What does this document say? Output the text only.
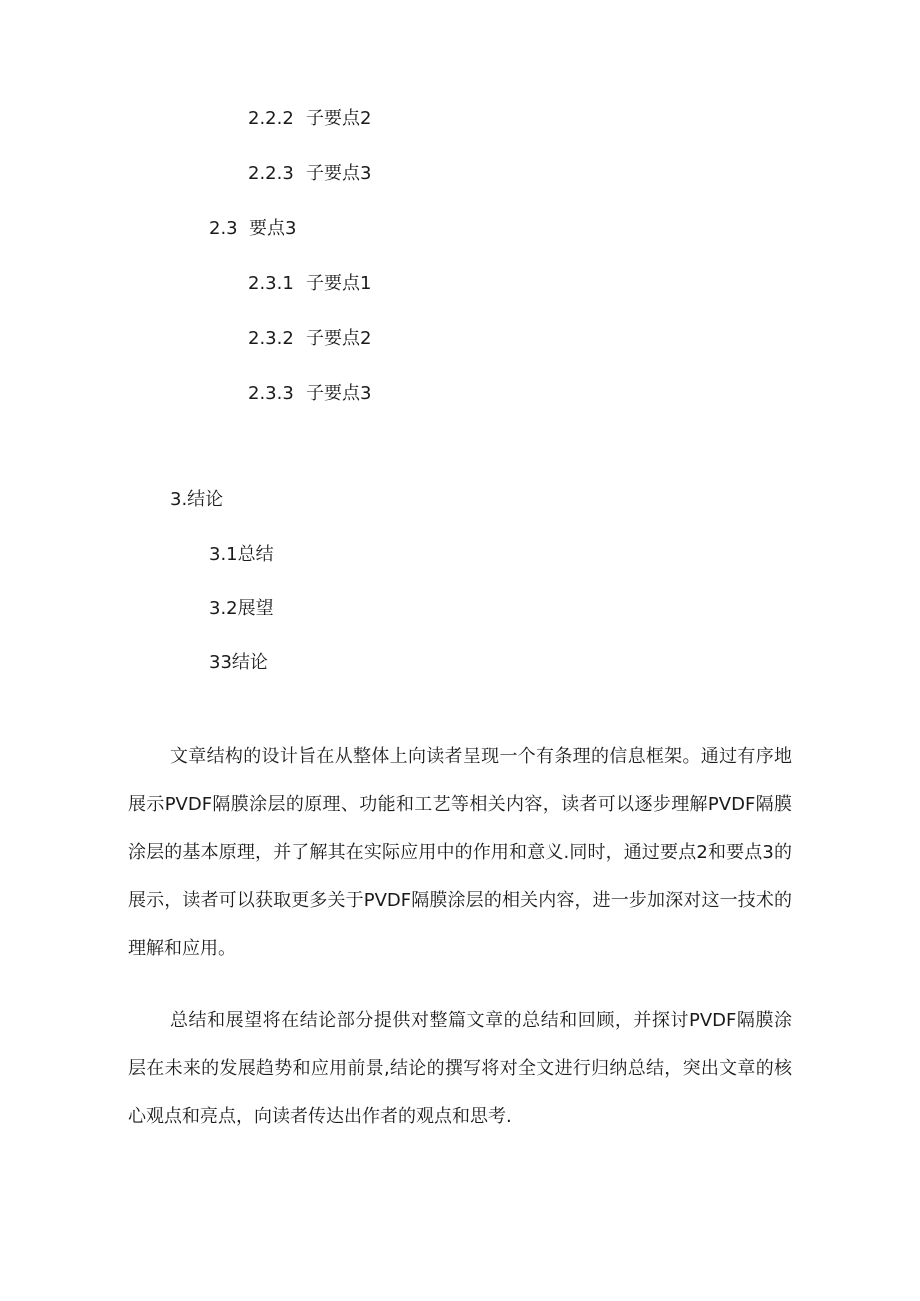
2.2.2 子要点2
2.2.3 子要点3
2.3 要点3
2.3.1 子要点1
2.3.2 子要点2
2.3.3 子要点3
3.结论
3.1总结
3.2展望
33结论

文章结构的设计旨在从整体上向读者呈现一个有条理的信息框架。通过有序地展示PVDF隔膜涂层的原理、功能和工艺等相关内容，读者可以逐步理解PVDF隔膜涂层的基本原理，并了解其在实际应用中的作用和意义.同时，通过要点2和要点3的展示，读者可以获取更多关于PVDF隔膜涂层的相关内容，进一步加深对这一技术的理解和应用。

总结和展望将在结论部分提供对整篇文章的总结和回顾，并探讨PVDF隔膜涂层在未来的发展趋势和应用前景,结论的撰写将对全文进行归纳总结，突出文章的核心观点和亮点，向读者传达出作者的观点和思考.
